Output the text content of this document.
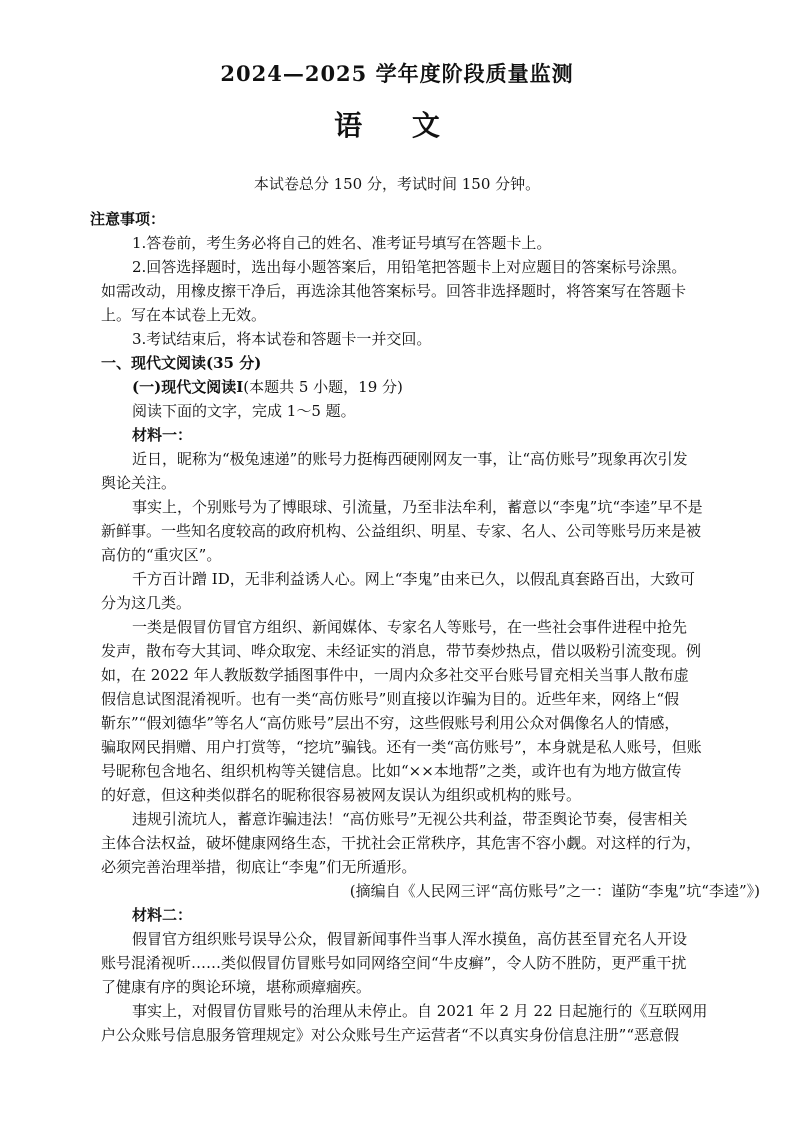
2024—2025 学年度阶段质量监测
语 文
本试卷总分 150 分，考试时间 150 分钟。
注意事项：
1.答卷前，考生务必将自己的姓名、准考证号填写在答题卡上。
2.回答选择题时，选出每小题答案后，用铅笔把答题卡上对应题目的答案标号涂黑。
如需改动，用橡皮擦干净后，再选涂其他答案标号。回答非选择题时，将答案写在答题卡
上。写在本试卷上无效。
3.考试结束后，将本试卷和答题卡一并交回。
一、现代文阅读(35 分)
(一)现代文阅读Ⅰ(本题共 5 小题，19 分)
阅读下面的文字，完成 1～5 题。
材料一：
近日，昵称为“极兔速递”的账号力挺梅西硬刚网友一事，让“高仿账号”现象再次引发
舆论关注。
事实上，个别账号为了博眼球、引流量，乃至非法牟利，蓄意以“李鬼”坑“李逵”早不是
新鲜事。一些知名度较高的政府机构、公益组织、明星、专家、名人、公司等账号历来是被
高仿的“重灾区”。
千方百计蹭 ID，无非利益诱人心。网上“李鬼”由来已久，以假乱真套路百出，大致可
分为这几类。
一类是假冒仿冒官方组织、新闻媒体、专家名人等账号，在一些社会事件进程中抢先
发声，散布夸大其词、哗众取宠、未经证实的消息，带节奏炒热点，借以吸粉引流变现。例
如，在 2022 年人教版数学插图事件中，一周内众多社交平台账号冒充相关当事人散布虚
假信息试图混淆视听。也有一类“高仿账号”则直接以诈骗为目的。近些年来，网络上“假
靳东”“假刘德华”等名人“高仿账号”层出不穷，这些假账号利用公众对偶像名人的情感，
骗取网民捐赠、用户打赏等，“挖坑”骗钱。还有一类“高仿账号”，本身就是私人账号，但账
号昵称包含地名、组织机构等关键信息。比如“××本地帮”之类，或许也有为地方做宣传
的好意，但这种类似群名的昵称很容易被网友误认为组织或机构的账号。
违规引流坑人，蓄意诈骗违法！“高仿账号”无视公共利益，带歪舆论节奏，侵害相关
主体合法权益，破坏健康网络生态，干扰社会正常秩序，其危害不容小觑。对这样的行为，
必须完善治理举措，彻底让“李鬼”们无所遁形。
(摘编自《人民网三评“高仿账号”之一：谨防“李鬼”坑“李逵”》)
材料二：
假冒官方组织账号误导公众，假冒新闻事件当事人浑水摸鱼，高仿甚至冒充名人开设
账号混淆视听……类似假冒仿冒账号如同网络空间“牛皮癣”，令人防不胜防，更严重干扰
了健康有序的舆论环境，堪称顽瘴痼疾。
事实上，对假冒仿冒账号的治理从未停止。自 2021 年 2 月 22 日起施行的《互联网用
户公众账号信息服务管理规定》对公众账号生产运营者“不以真实身份信息注册”“恶意假
